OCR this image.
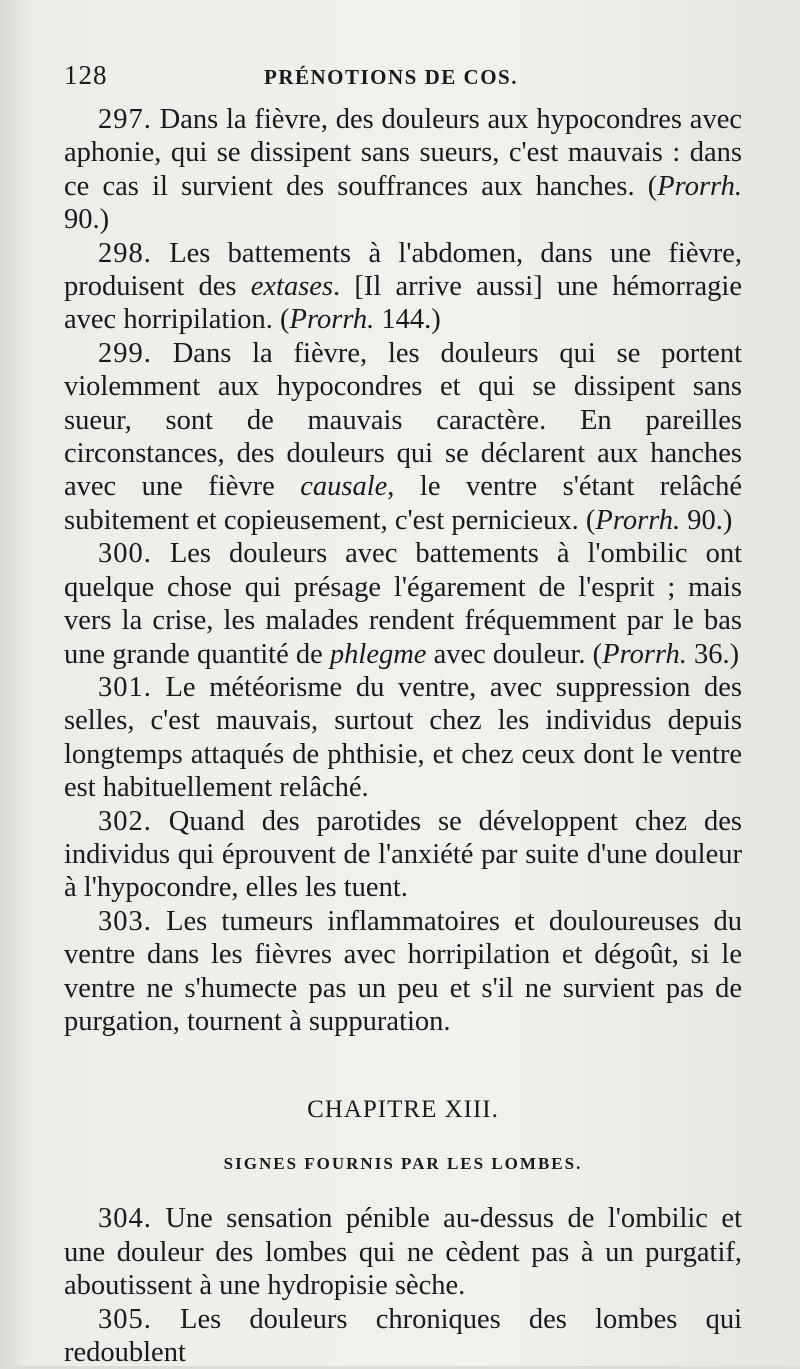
128	PRÉNOTIONS DE COS.

297. Dans la fièvre, des douleurs aux hypocondres avec aphonie, qui se dissipent sans sueurs, c'est mauvais : dans ce cas il survient des souffrances aux hanches. (Prorrh. 90.)

298. Les battements à l'abdomen, dans une fièvre, produisent des extases. [Il arrive aussi] une hémorragie avec horripilation. (Prorrh. 144.)

299. Dans la fièvre, les douleurs qui se portent violemment aux hypocondres et qui se dissipent sans sueur, sont de mauvais caractère. En pareilles circonstances, des douleurs qui se déclarent aux hanches avec une fièvre causale, le ventre s'étant relâché subitement et copieusement, c'est pernicieux. (Prorrh. 90.)

300. Les douleurs avec battements à l'ombilic ont quelque chose qui présage l'égarement de l'esprit ; mais vers la crise, les malades rendent fréquemment par le bas une grande quantité de phlegme avec douleur. (Prorrh. 36.)

301. Le météorisme du ventre, avec suppression des selles, c'est mauvais, surtout chez les individus depuis longtemps attaqués de phthisie, et chez ceux dont le ventre est habituellement relâché.

302. Quand des parotides se développent chez des individus qui éprouvent de l'anxiété par suite d'une douleur à l'hypocondre, elles les tuent.

303. Les tumeurs inflammatoires et douloureuses du ventre dans les fièvres avec horripilation et dégoût, si le ventre ne s'humecte pas un peu et s'il ne survient pas de purgation, tournent à suppuration.

CHAPITRE XIII.
SIGNES FOURNIS PAR LES LOMBES.

304. Une sensation pénible au-dessus de l'ombilic et une douleur des lombes qui ne cèdent pas à un purgatif, aboutissent à une hydropisie sèche.

305. Les douleurs chroniques des lombes qui redoublent
